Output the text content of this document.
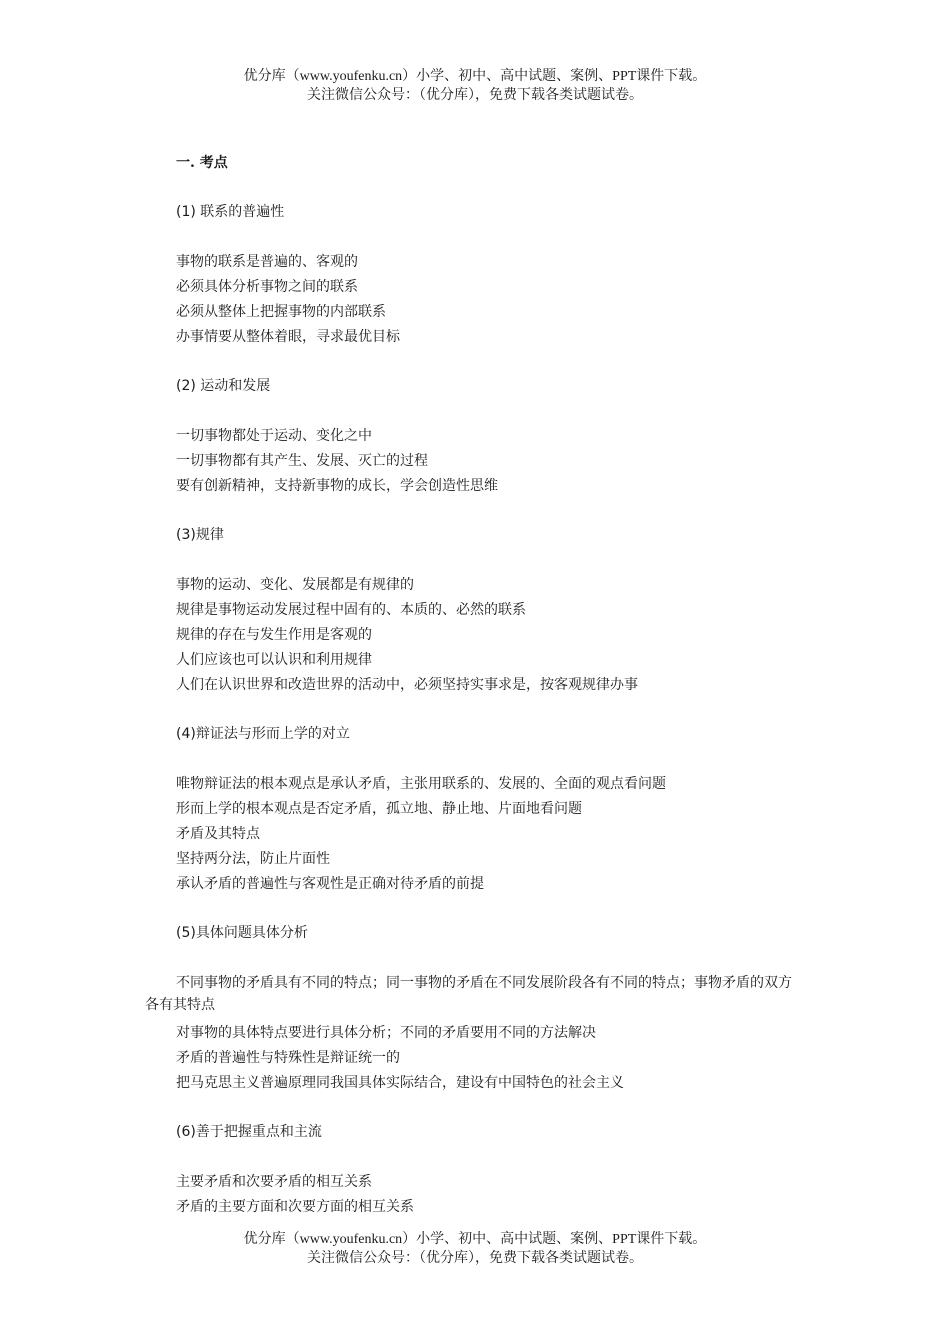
优分库（www.youfenku.cn）小学、初中、高中试题、案例、PPT课件下载。
关注微信公众号：（优分库），免费下载各类试题试卷。
一. 考点
(1) 联系的普遍性
事物的联系是普遍的、客观的
必须具体分析事物之间的联系
必须从整体上把握事物的内部联系
办事情要从整体着眼，寻求最优目标
(2) 运动和发展
一切事物都处于运动、变化之中
一切事物都有其产生、发展、灭亡的过程
要有创新精神，支持新事物的成长，学会创造性思维
(3)规律
事物的运动、变化、发展都是有规律的
规律是事物运动发展过程中固有的、本质的、必然的联系
规律的存在与发生作用是客观的
人们应该也可以认识和利用规律
人们在认识世界和改造世界的活动中，必须坚持实事求是，按客观规律办事
(4)辩证法与形而上学的对立
唯物辩证法的根本观点是承认矛盾，主张用联系的、发展的、全面的观点看问题
形而上学的根本观点是否定矛盾，孤立地、静止地、片面地看问题
矛盾及其特点
坚持两分法，防止片面性
承认矛盾的普遍性与客观性是正确对待矛盾的前提
(5)具体问题具体分析
不同事物的矛盾具有不同的特点；同一事物的矛盾在不同发展阶段各有不同的特点；事物矛盾的双方各有其特点
对事物的具体特点要进行具体分析；不同的矛盾要用不同的方法解决
矛盾的普遍性与特殊性是辩证统一的
把马克思主义普遍原理同我国具体实际结合，建设有中国特色的社会主义
(6)善于把握重点和主流
主要矛盾和次要矛盾的相互关系
矛盾的主要方面和次要方面的相互关系
优分库（www.youfenku.cn）小学、初中、高中试题、案例、PPT课件下载。
关注微信公众号：（优分库），免费下载各类试题试卷。
